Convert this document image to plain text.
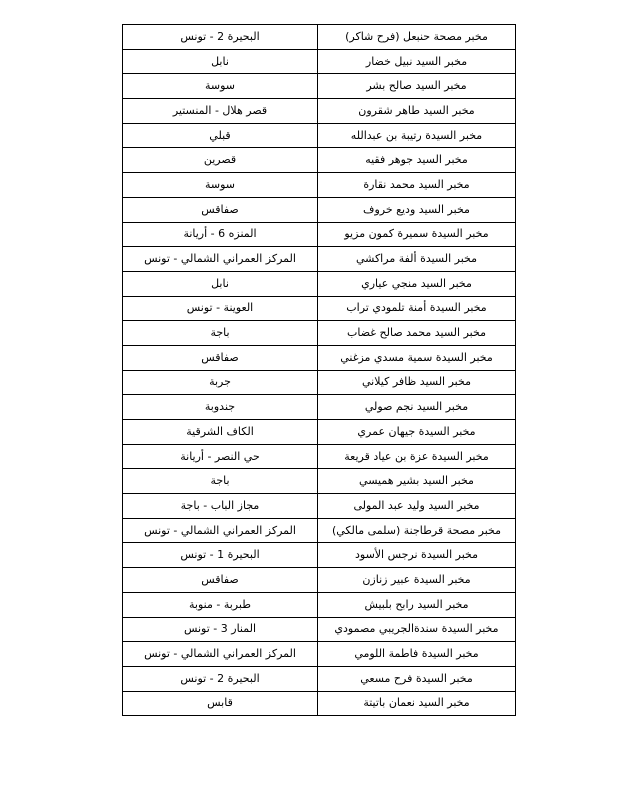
مخبر مصحة حنبعل (فرح شاكر)	البحيرة 2 - تونس
مخبر السيد نبيل خضار	نابل
مخبر السيد صالح بشر	سوسة
مخبر السيد طاهر شقرون	قصر هلال - المنستير
مخبر السيدة رتيبة بن عبدالله	قبلي
مخبر السيد جوهر فقيه	قصرين
مخبر السيد محمد نقارة	سوسة
مخبر السيد وديع خروف	صفاقس
مخبر السيدة سميرة كمون مزيو	المنزه 6 - أريانة
مخبر السيدة ألفة مراكشي	المركز العمراني الشمالي - تونس
مخبر السيد منجي عياري	نابل
مخبر السيدة أمنة تلمودي تراب	العوينة - تونس
مخبر السيد محمد صالح غضاب	باجة
مخبر السيدة سمية مسدي مزغني	صفاقس
مخبر السيد ظافر كيلاني	جربة
مخبر السيد نجم صولي	جندوبة
مخبر السيدة جيهان عمري	الكاف الشرقية
مخبر السيدة عزة بن عياد قريعة	حي النصر - أريانة
مخبر السيد بشير هميسي	باجة
مخبر السيد وليد عبد المولى	مجاز الباب - باجة
مخبر مصحة قرطاجنة (سلمى مالكي)	المركز العمراني الشمالي - تونس
مخبر السيدة نرجس الأسود	البحيرة 1 - تونس
مخبر السيدة عبير زنازن	صفاقس
مخبر السيد رابح بلبيش	طبربة - منوبة
مخبر السيدة سندةالجريبي مصمودي	المنار 3 - تونس
مخبر السيدة فاطمة اللومي	المركز العمراني الشمالي - تونس
مخبر السيدة فرح مسعي	البحيرة 2 - تونس
مخبر السيد نعمان باتيتة	قابس
